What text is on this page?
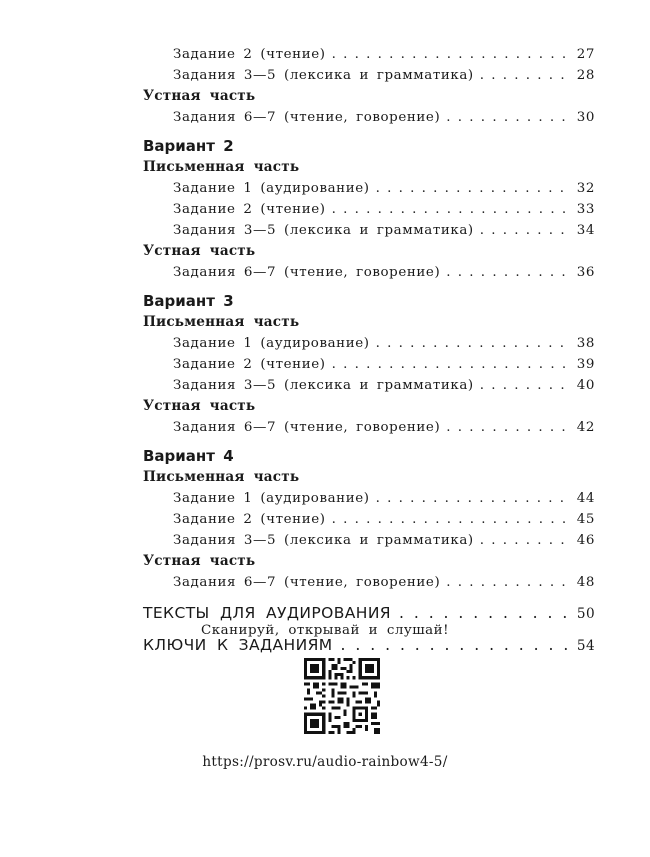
Задание 2 (чтение) . . .	27
Задания 3—5 (лексика и грамматика) . . .	28
Устная часть
Задания 6—7 (чтение, говорение) . . .	30
Вариант 2
Письменная часть
Задание 1 (аудирование) . . .	32
Задание 2 (чтение) . . .	33
Задания 3—5 (лексика и грамматика) . . .	34
Устная часть
Задания 6—7 (чтение, говорение) . . .	36
Вариант 3
Письменная часть
Задание 1 (аудирование) . . .	38
Задание 2 (чтение) . . .	39
Задания 3—5 (лексика и грамматика) . . .	40
Устная часть
Задания 6—7 (чтение, говорение) . . .	42
Вариант 4
Письменная часть
Задание 1 (аудирование) . . .	44
Задание 2 (чтение) . . .	45
Задания 3—5 (лексика и грамматика) . . .	46
Устная часть
Задания 6—7 (чтение, говорение) . . .	48
ТЕКСТЫ ДЛЯ АУДИРОВАНИЯ . . .	50
КЛЮЧИ К ЗАДАНИЯМ . . .	54
Сканируй, открывай и слушай!
https://prosv.ru/audio-rainbow4-5/
